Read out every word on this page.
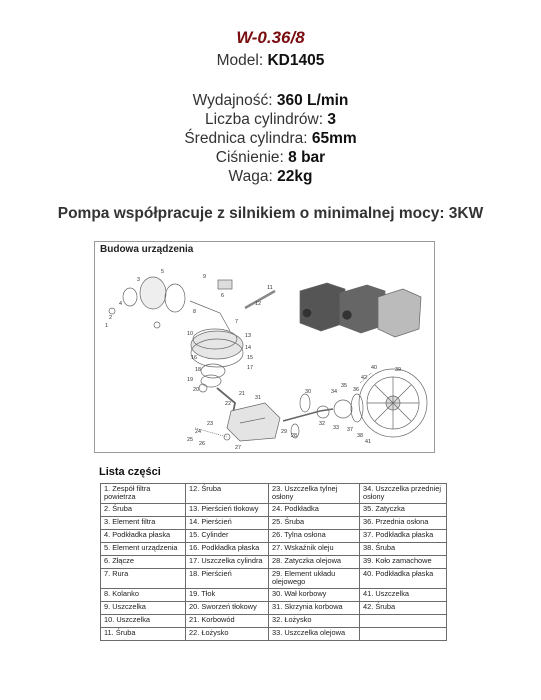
W-0.36/8
Model: KD1405
Wydajność: 360 L/min
Liczba cylindrów: 3
Średnica cylindra: 65mm
Ciśnienie: 8 bar
Waga: 22kg
Pompa współpracuje z silnikiem o minimalnej mocy: 3KW
Budowa urządzenia
1
2
3
4
5
6
7
8
9
10
11
12
13
14
15
16
17
18
19
20
21
22
23
24
25
26
27
28
29
30
31
32
33
34
35
36
37
38
39
40
41
42
Lista części
1. Zespół filtra powietrza	12. Śruba	23. Uszczelka tylnej osłony	34. Uszczelka przedniej osłony
2. Śruba	13. Pierścień tłokowy	24. Podkładka	35. Zatyczka
3. Element filtra	14. Pierścień	25. Śruba	36. Przednia osłona
4. Podkładka płaska	15. Cylinder	26. Tylna osłona	37. Podkładka płaska
5. Element urządzenia	16. Podkładka płaska	27. Wskaźnik oleju	38. Śruba
6. Złącze	17. Uszczelka cylindra	28. Zatyczka olejowa	39. Koło zamachowe
7. Rura	18. Pierścień	29. Element układu olejowego	40. Podkładka płaska
8. Kolanko	19. Tłok	30. Wał korbowy	41. Uszczelka
9. Uszczelka	20. Sworzeń tłokowy	31. Skrzynia korbowa	42. Śruba
10. Uszczelka	21. Korbowód	32. Łożysko	
11. Śruba	22. Łożysko	33. Uszczelka olejowa	
